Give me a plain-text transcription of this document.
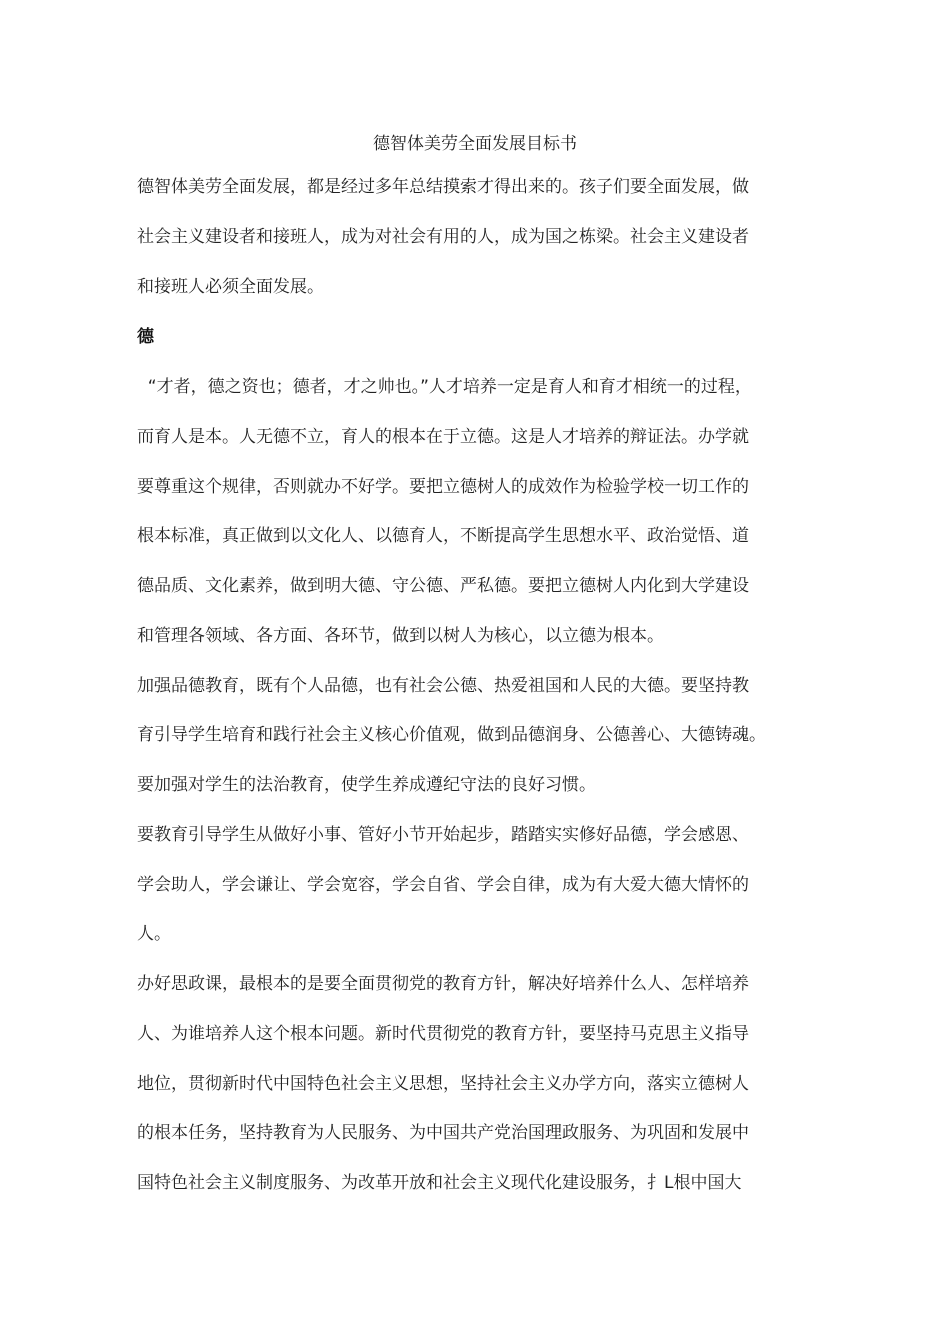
德智体美劳全面发展目标书
德智体美劳全面发展，都是经过多年总结摸索才得出来的。孩子们要全面发展，做
社会主义建设者和接班人，成为对社会有用的人，成为国之栋梁。社会主义建设者
和接班人必须全面发展。
德
“才者，德之资也；德者，才之帅也。”人才培养一定是育人和育才相统一的过程，
而育人是本。人无德不立，育人的根本在于立德。这是人才培养的辩证法。办学就
要尊重这个规律，否则就办不好学。要把立德树人的成效作为检验学校一切工作的
根本标准，真正做到以文化人、以德育人，不断提高学生思想水平、政治觉悟、道
德品质、文化素养，做到明大德、守公德、严私德。要把立德树人内化到大学建设
和管理各领域、各方面、各环节，做到以树人为核心，以立德为根本。
加强品德教育，既有个人品德，也有社会公德、热爱祖国和人民的大德。要坚持教
育引导学生培育和践行社会主义核心价值观，做到品德润身、公德善心、大德铸魂。
要加强对学生的法治教育，使学生养成遵纪守法的良好习惯。
要教育引导学生从做好小事、管好小节开始起步，踏踏实实修好品德，学会感恩、
学会助人，学会谦让、学会宽容，学会自省、学会自律，成为有大爱大德大情怀的
人。
办好思政课，最根本的是要全面贯彻党的教育方针，解决好培养什么人、怎样培养
人、为谁培养人这个根本问题。新时代贯彻党的教育方针，要坚持马克思主义指导
地位，贯彻新时代中国特色社会主义思想，坚持社会主义办学方向，落实立德树人
的根本任务，坚持教育为人民服务、为中国共产党治国理政服务、为巩固和发展中
国特色社会主义制度服务、为改革开放和社会主义现代化建设服务，扌L根中国大
